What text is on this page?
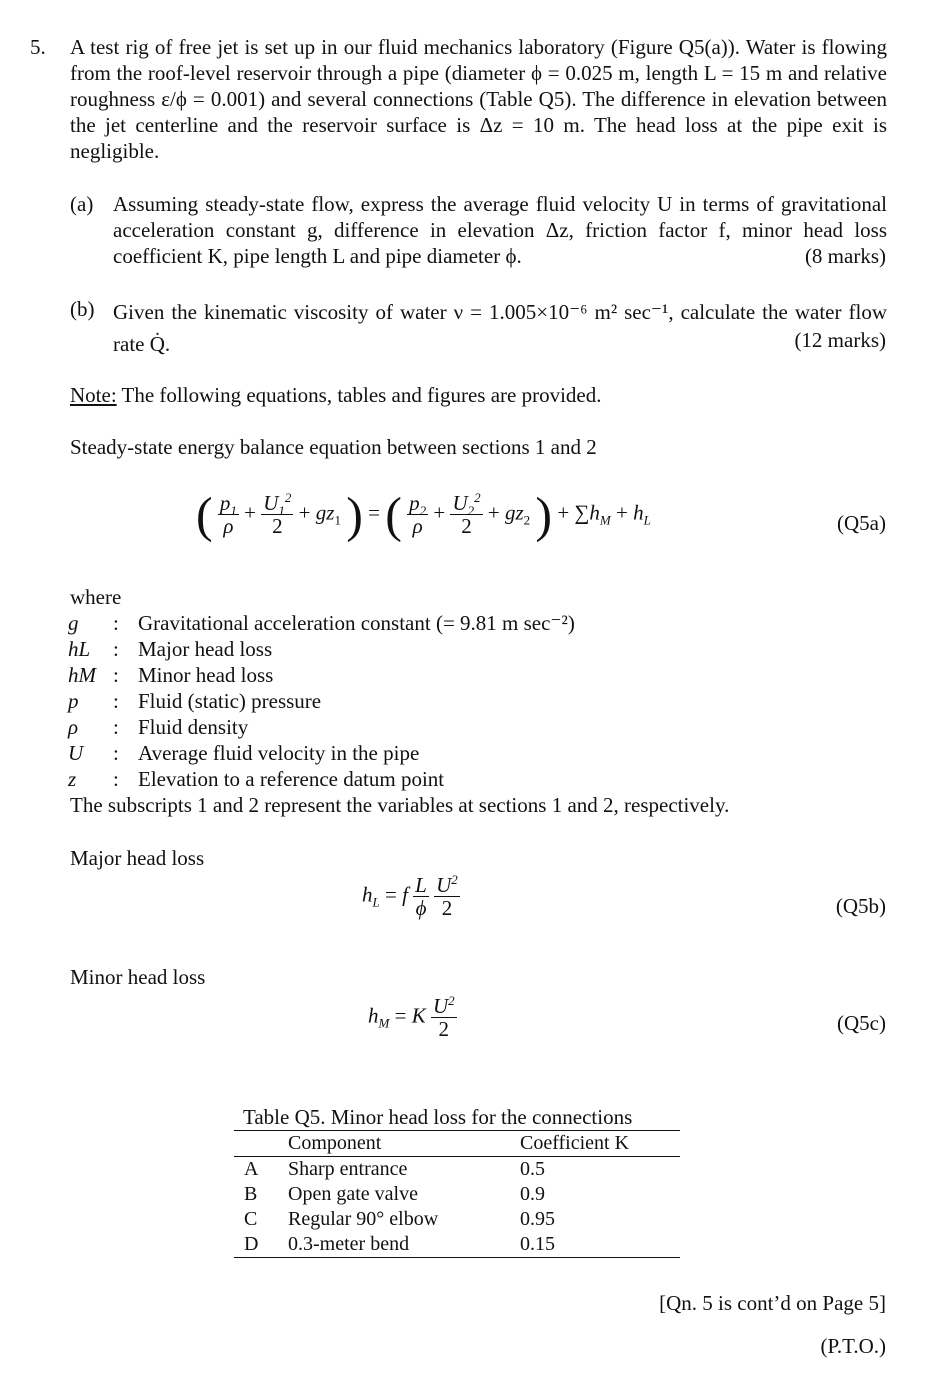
5. A test rig of free jet is set up in our fluid mechanics laboratory (Figure Q5(a)). Water is flowing from the roof-level reservoir through a pipe (diameter ϕ = 0.025 m, length L = 15 m and relative roughness ε/ϕ = 0.001) and several connections (Table Q5). The difference in elevation between the jet centerline and the reservoir surface is Δz = 10 m. The head loss at the pipe exit is negligible.

(a) Assuming steady-state flow, express the average fluid velocity U in terms of gravitational acceleration constant g, difference in elevation Δz, friction factor f, minor head loss coefficient K, pipe length L and pipe diameter ϕ.	(8 marks)
(b) Given the kinematic viscosity of water ν = 1.005×10⁻⁶ m² sec⁻¹, calculate the water flow rate Q̇.	(12 marks)
Note: The following equations, tables and figures are provided.
Steady-state energy balance equation between sections 1 and 2
( $\frac{p_1}{\rho} + \frac{U_1^2}{2} + gz_1$ ) = ( $\frac{p_2}{\rho} + \frac{U_2^2}{2} + gz_2$ ) + $\sum h_M + h_L$	(Q5a)
where
g : Gravitational acceleration constant (= 9.81 m sec⁻²)
hL : Major head loss
hM : Minor head loss
p : Fluid (static) pressure
ρ : Fluid density
U : Average fluid velocity in the pipe
z : Elevation to a reference datum point
The subscripts 1 and 2 represent the variables at sections 1 and 2, respectively.
Major head loss
$h_L = f \frac{L}{\phi}$
$\frac{U^2}{2}$	(Q5b)
Minor head loss
$h_M = K \frac{U^2}{2}$	(Q5c)
Table Q5. Minor head loss for the connections
	Component	Coefficient K
A	Sharp entrance	0.5
B	Open gate valve	0.9
C	Regular 90° elbow	0.95
D	0.3-meter bend	0.15
[Qn. 5 is cont’d on Page 5]
(P.T.O.)
